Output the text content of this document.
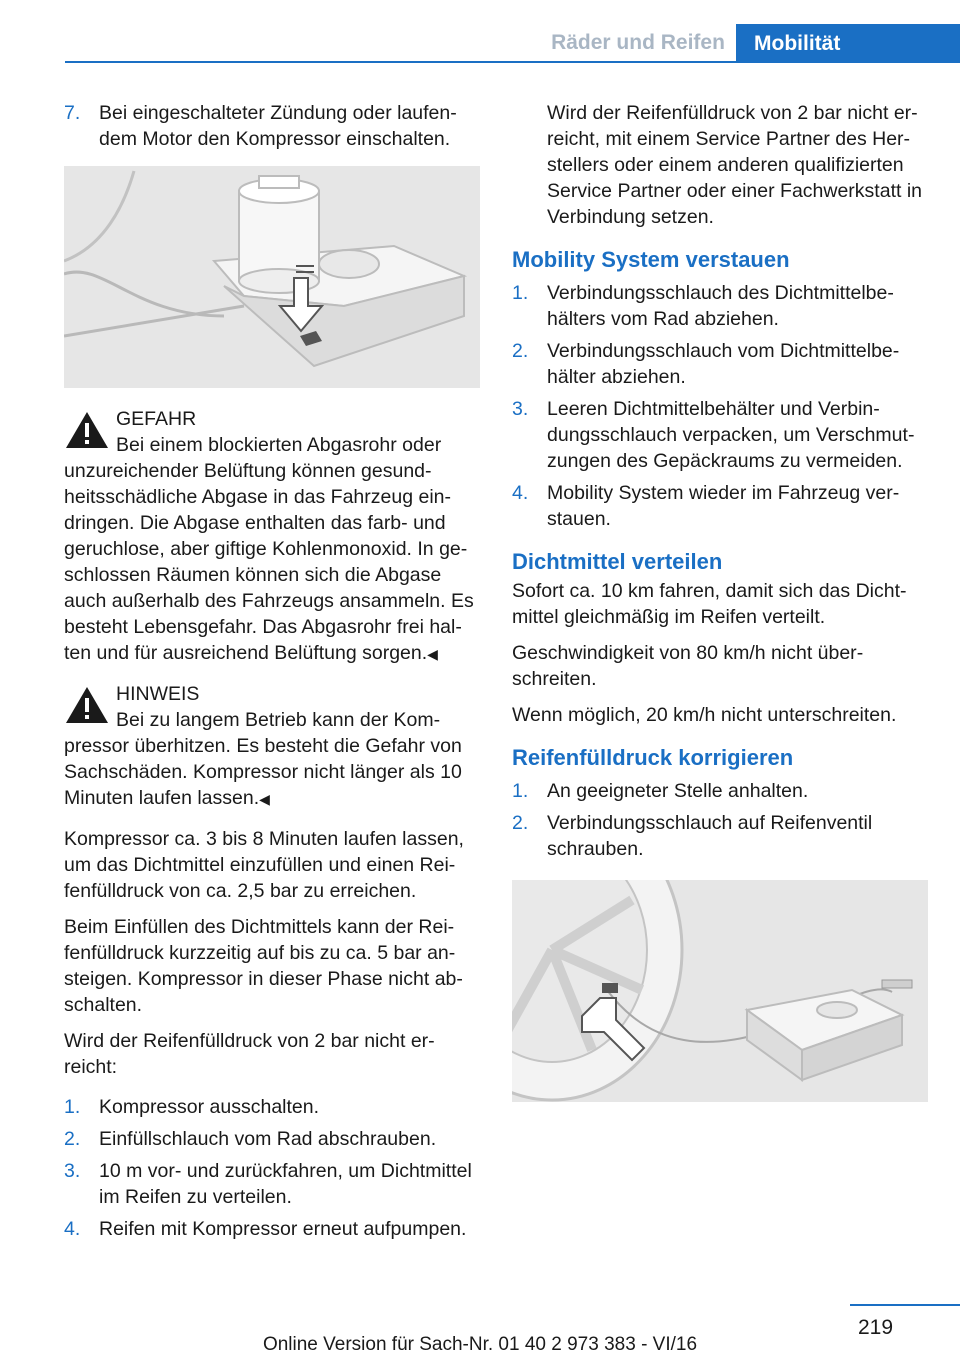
Räder und Reifen	Mobilität
7. Bei eingeschalteter Zündung oder laufendem Motor den Kompressor einschalten.
GEFAHR
Bei einem blockierten Abgasrohr oder unzureichender Belüftung können gesundheitsschädliche Abgase in das Fahrzeug eindringen. Die Abgase enthalten das farb- und geruchlose, aber giftige Kohlenmonoxid. In geschlossen Räumen können sich die Abgase auch außerhalb des Fahrzeugs ansammeln. Es besteht Lebensgefahr. Das Abgasrohr frei halten und für ausreichend Belüftung sorgen.◀
HINWEIS
Bei zu langem Betrieb kann der Kompressor überhitzen. Es besteht die Gefahr von Sachschäden. Kompressor nicht länger als 10 Minuten laufen lassen.◀

Kompressor ca. 3 bis 8 Minuten laufen lassen, um das Dichtmittel einzufüllen und einen Reifenfülldruck von ca. 2,5 bar zu erreichen.

Beim Einfüllen des Dichtmittels kann der Reifenfülldruck kurzzeitig auf bis zu ca. 5 bar ansteigen. Kompressor in dieser Phase nicht abschalten.

Wird der Reifenfülldruck von 2 bar nicht erreicht:

1. Kompressor ausschalten.
2. Einfüllschlauch vom Rad abschrauben.
3. 10 m vor- und zurückfahren, um Dichtmittel im Reifen zu verteilen.
4. Reifen mit Kompressor erneut aufpumpen.

Wird der Reifenfülldruck von 2 bar nicht erreicht, mit einem Service Partner des Herstellers oder einem anderen qualifizierten Service Partner oder einer Fachwerkstatt in Verbindung setzen.

Mobility System verstauen
1. Verbindungsschlauch des Dichtmittelbehälters vom Rad abziehen.
2. Verbindungsschlauch vom Dichtmittelbehälter abziehen.
3. Leeren Dichtmittelbehälter und Verbindungsschlauch verpacken, um Verschmutzungen des Gepäckraums zu vermeiden.
4. Mobility System wieder im Fahrzeug verstauen.
Dichtmittel verteilen

Sofort ca. 10 km fahren, damit sich das Dichtmittel gleichmäßig im Reifen verteilt.

Geschwindigkeit von 80 km/h nicht überschreiten.

Wenn möglich, 20 km/h nicht unterschreiten.

Reifenfülldruck korrigieren
1. An geeigneter Stelle anhalten.
2. Verbindungsschlauch auf Reifenventil schrauben.
219
Online Version für Sach-Nr. 01 40 2 973 383 - VI/16
